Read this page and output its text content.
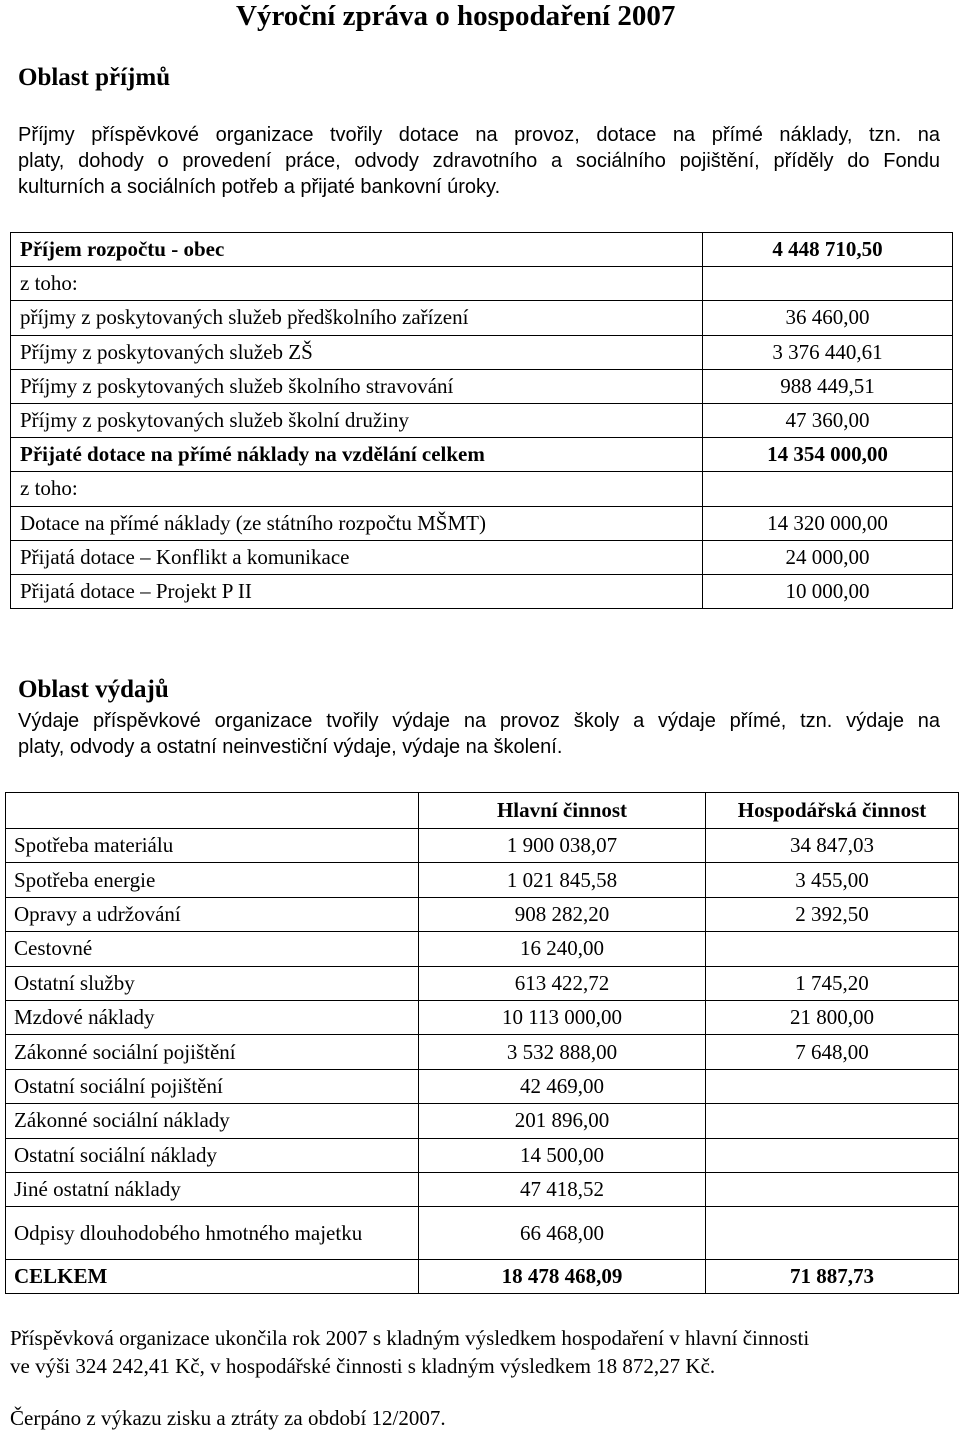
Výroční zpráva o hospodaření 2007
Oblast příjmů
Příjmy příspěvkové organizace tvořily dotace na provoz, dotace na přímé náklady, tzn. na
platy, dohody o provedení práce, odvody zdravotního a sociálního pojištění, příděly do Fondu
kulturních a sociálních potřeb a přijaté bankovní úroky.
Příjem rozpočtu - obec	4 448 710,50
z toho:	
příjmy z poskytovaných služeb předškolního zařízení	36 460,00
Příjmy z poskytovaných služeb ZŠ	3 376 440,61
Příjmy z poskytovaných služeb školního stravování	988 449,51
Příjmy z poskytovaných služeb školní družiny	47 360,00
Přijaté dotace na přímé náklady na vzdělání celkem	14 354 000,00
z toho:	
Dotace na přímé náklady (ze státního rozpočtu MŠMT)	14 320 000,00
Přijatá dotace – Konflikt a komunikace	24 000,00
Přijatá dotace – Projekt P II	10 000,00
Oblast výdajů
Výdaje příspěvkové organizace tvořily výdaje na provoz školy a výdaje přímé, tzn. výdaje na
platy, odvody a ostatní neinvestiční výdaje, výdaje na školení.
	Hlavní činnost	Hospodářská činnost
Spotřeba materiálu	1 900 038,07	34 847,03
Spotřeba energie	1 021 845,58	3 455,00
Opravy a udržování	908 282,20	2 392,50
Cestovné	16 240,00	
Ostatní služby	613 422,72	1 745,20
Mzdové náklady	10 113 000,00	21 800,00
Zákonné sociální pojištění	3 532 888,00	7 648,00
Ostatní sociální pojištění	42 469,00	
Zákonné sociální náklady	201 896,00	
Ostatní sociální náklady	14 500,00	
Jiné ostatní náklady	47 418,52	
Odpisy dlouhodobého hmotného majetku	66 468,00	
CELKEM	18 478 468,09	71 887,73
Příspěvková organizace ukončila rok 2007 s kladným výsledkem hospodaření v hlavní činnosti
ve výši 324 242,41 Kč, v hospodářské činnosti s kladným výsledkem 18 872,27 Kč.
Čerpáno z výkazu zisku a ztráty za období 12/2007.
